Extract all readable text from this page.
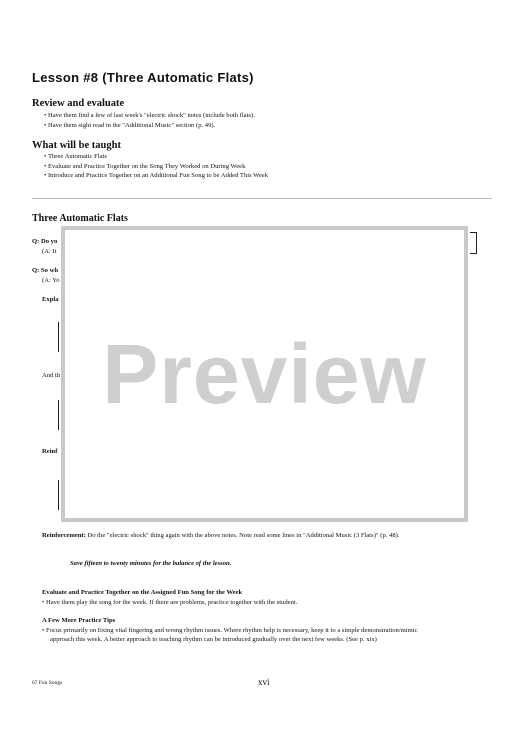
Lesson #8 (Three Automatic Flats)
Review and evaluate
• Have them find a few of last week's "electric shock" notes (include both flats).
• Have them sight read in the "Additional Music" section (p. 49).
What will be taught
• Three Automatic Flats
• Evaluate and Practice Together on the Song They Worked on During Week
• Introduce and Practice Together on an Additional Fun Song to be Added This Week
Three Automatic Flats
Q: Do yo
(A: It
Q: So wh
(A: Yo
Expla
And th
Reinf
Preview
Reinforcement: Do the "electric shock" thing again with the above notes. Note read some lines in "Additional Music (3 Flats)" (p. 48).
Save fifteen to twenty minutes for the balance of the lesson.
Evaluate and Practice Together on the Assigned Fun Song for the Week
• Have them play the song for the week. If there are problems, practice together with the student.
A Few More Practice Tips
• Focus primarily on fixing vital fingering and wrong rhythm issues. Where rhythm help is necessary, keep it to a simple demonstration/mimic
approach this week. A better approach to teaching rhythm can be introduced gradually over the next few weeks. (See p. xix)
67 Fun Songs	xvi
